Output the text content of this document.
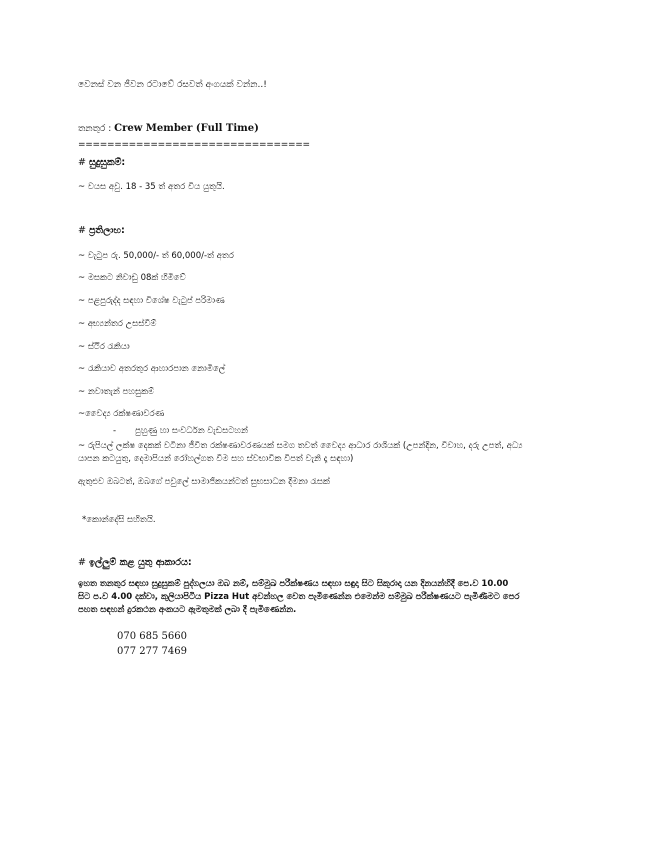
වෙනස් වන ජීවන රටාවේ රසවත් අංගයක් වන්න..!
තනතුර : Crew Member (Full Time)
================================
# සුදුසුකම්:
~ වයස අවු. 18 - 35 ත් අතර විය යුතුයි.
# ප්‍රතිලාභ:
~ වැටුප රු. 50,000/- ත් 60,000/-ත් අතර
~ මසකට නිවාඩු 08ක් හිමිවේ
~ පළපුරුද්ද සඳහා විශේෂ වැටුප් පරිමාණ
~ අභ්‍යන්තර උසස්වීම්
~ ස්ථිර රැකියා
~ රැකියාව අතරතුර ආහාරපාන නොමිලේ
~ නවාතැන් පහසුකම්
~වෛද්‍ය රක්ෂණාවරණ
- පුහුණු හා සංවර්ධන වැඩසටහන්
~ රුපියල් ලක්ෂ දෙකක් වටිනා ජීවිත රක්ෂණාවරණයක් සමග තවත් වෛද්‍ය ආධාර රාශියක් (උපන්දින, විවාහ, දරු උපත්, අධ්‍ය
යාපන කටයුතු, දෙමාපියන් රෝහල්ගත වීම සහ ස්වභාවික විපත් වැනි දෑ සඳහා)
ඇතුළුව ඔබටත්, ඔබගේ පවුලේ සාමාජිකයන්ටත් සුභසාධන දීමනා රැසක්
*කොන්දේසි සහිතයි.
# ඉල්ලුම් කළ යුතු ආකාරය:
ඉහත තනතුර සඳහා සුදුසුකම් පුද්ගලයා ඔබ නම්, සම්මුඛ පරීක්ෂණය සඳහා සඳුදා සිට සිකුරාදා යන දිනයන්හිදී පෙ.ව 10.00
සිට ප.ව 4.00 දක්වා, කුලියාපිටිය Pizza Hut අවන්හල වෙත පැමිණෙන්න එමෙන්ම සම්මුඛ පරීක්ෂණයට පැමිණීමට පෙර
පහත සඳහන් දුරකථන අංකයට ඇමතුමක් ලබා දී පැමිණෙන්න.
070 685 5660
077 277 7469
